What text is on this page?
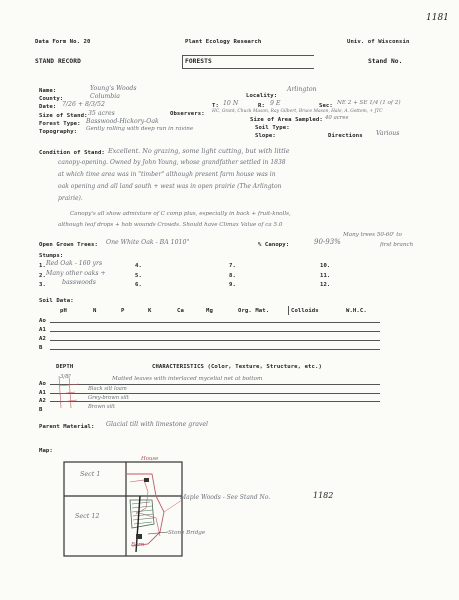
1181
Data Form No. 20	Plant Ecology Research	Univ. of Wisconsin
STAND RECORD	FORESTS	Stand No.
Name:	Young's Woods
Locality:
Arlington
County:	Columbia
T: 10 N	R: 9 E	Sec: NE 2 + SE 1/4 (1 of 2)
Date: 7/26 + 8/3/52
Observers: HC, Grant, Chuck Mason, Ray Gilbert, Bruce Mason, Hale, A. Gettem, + JTC
Size of Stand: 35 acres
Size of Area Sampled: 40 acres
Forest Type: Basswood-Hickory-Oak
Soil Type:
Topography: Gently rolling with deep run in ravine
Slope:	Directions Various
Condition of Stand: Excellent. No grazing, some light cutting, but with little
canopy-opening. Owned by John Young, whose grandfather settled in 1838
at which time area was in "timber" although present farm house was in
oak opening and all land south + west was in open prairie (The Arlington
prairie).
Canopy's all show admixture of C comp plus, especially in back + fruit-knolls,
although leaf drops + hob wounds Crowds. Should have Climax Value of ca 5.0
Many trees 50-60' to
first branch
Open Grown Trees: One White Oak - BA 1010"	% Canopy:	90-93%
Stumps:
1. Red Oak - 160 yrs
2. Many other oaks +
3.	basswoods
4.
5.
6.
7.
8.
9.
10.
11.
12.
Soil Data:
pH	N	P	K	Ca	Mg	Org. Mat.	Colloids	W.H.C.
Ao
A1
A2
B
DEPTH	CHARACTERISTICS (Color, Texture, Structure, etc.)
Ao
3/8"	Matted leaves with interlaced mycelial net at bottom
A1
Black silt loam
A2	Grey-brown silt
B	Brown silt
Parent Material: Glacial till with limestone gravel
Map:
Sect 1
Sect 12
House
Barn
Maple Woods - See Stand No.	1182
Stone Bridge
